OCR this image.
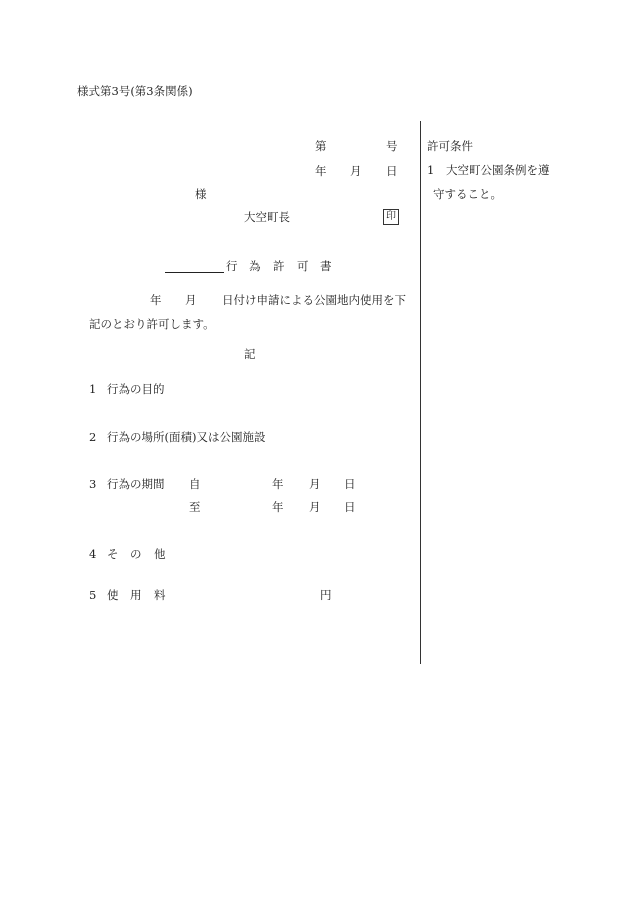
様式第3号(第3条関係)
第	号
年 月 日
様
大空町長	印
行 為 許 可 書
年 月 日付け申請による公園地内使用を下
記のとおり許可します。
記
1 行為の目的
2 行為の場所(面積)又は公園施設
3 行為の期間 自	年 月 日
至	年 月 日
4 そ の 他
5 使 用 料	円
許可条件
1 大空町公園条例を遵
守すること。
